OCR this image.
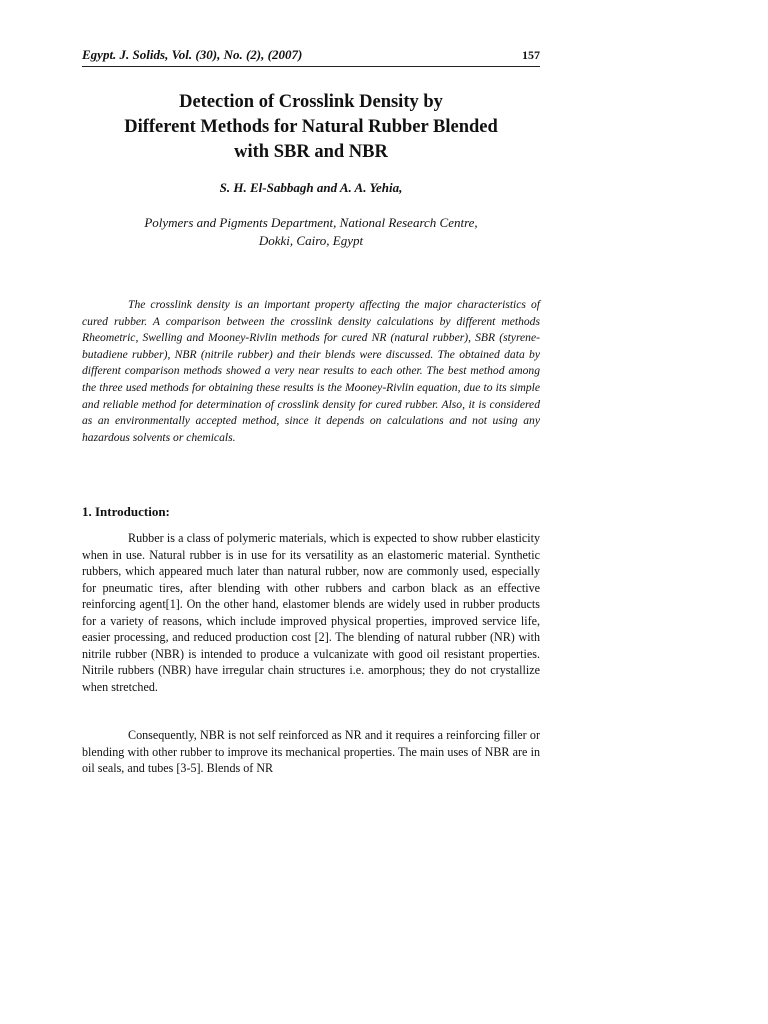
Egypt. J. Solids, Vol. (30), No. (2), (2007)	157
Detection of Crosslink Density by
Different Methods for Natural Rubber Blended
with SBR and NBR
S. H. El-Sabbagh and A. A. Yehia,
Polymers and Pigments Department, National Research Centre,
Dokki, Cairo, Egypt

The crosslink density is an important property affecting the major characteristics of cured rubber. A comparison between the crosslink density calculations by different methods Rheometric, Swelling and Mooney-Rivlin methods for cured NR (natural rubber), SBR (styrene-butadiene rubber), NBR (nitrile rubber) and their blends were discussed. The obtained data by different comparison methods showed a very near results to each other. The best method among the three used methods for obtaining these results is the Mooney-Rivlin equation, due to its simple and reliable method for determination of crosslink density for cured rubber. Also, it is considered as an environmentally accepted method, since it depends on calculations and not using any hazardous solvents or chemicals.

1. Introduction:

Rubber is a class of polymeric materials, which is expected to show rubber elasticity when in use. Natural rubber is in use for its versatility as an elastomeric material. Synthetic rubbers, which appeared much later than natural rubber, now are commonly used, especially for pneumatic tires, after blending with other rubbers and carbon black as an effective reinforcing agent[1]. On the other hand, elastomer blends are widely used in rubber products for a variety of reasons, which include improved physical properties, improved service life, easier processing, and reduced production cost [2]. The blending of natural rubber (NR) with nitrile rubber (NBR) is intended to produce a vulcanizate with good oil resistant properties. Nitrile rubbers (NBR) have irregular chain structures i.e. amorphous; they do not crystallize when stretched.

Consequently, NBR is not self reinforced as NR and it requires a reinforcing filler or blending with other rubber to improve its mechanical properties. The main uses of NBR are in oil seals, and tubes [3-5]. Blends of NR
